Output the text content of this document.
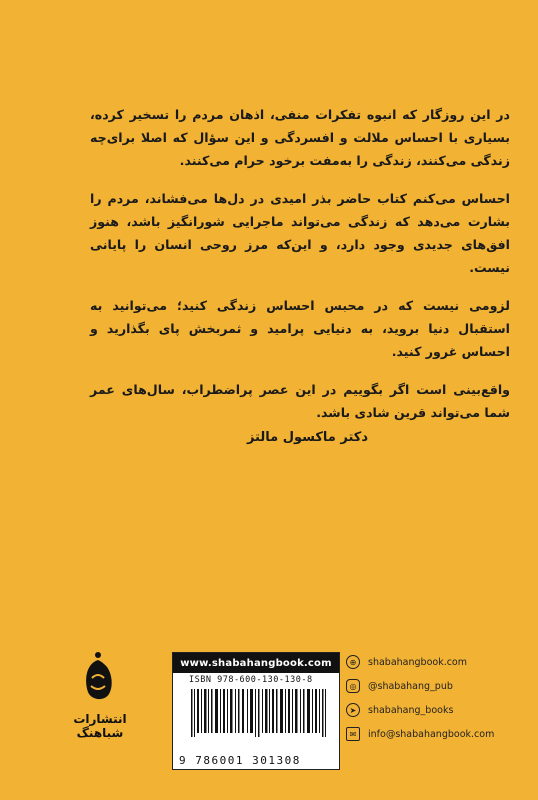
در این روزگار که انبوه تفکرات منفی، اذهان مردم را تسخیر کرده، بسیاری با احساس ملالت و افسردگی و این سؤال که اصلا برای‌چه زندگی می‌کنند، زندگی را به‌مفت برخود حرام می‌کنند.

احساس می‌کنم کتاب حاضر بذر امیدی در دل‌ها می‌فشاند، مردم را بشارت می‌دهد که زندگی می‌تواند ماجرایی شورانگیز باشد، هنوز افق‌های جدیدی وجود دارد، و این‌که مرز روحی انسان را پایانی نیست.

لزومی نیست که در محبس احساس زندگی کنید؛ می‌توانید به استقبال دنیا بروید، به دنیایی پرامید و ثمربخش پای بگذارید و احساس غرور کنید.

واقع‌بینی است اگر بگوییم در این عصر پراضطراب، سال‌های عمر شما می‌تواند قرین شادی باشد.

دکتر ماکسول مالتز
انتشارات شباهنگ
www.shabahangbook.com
ISBN 978-600-130-130-8
9 786001 301308
⊕	shabahangbook.com
◎	@shabahang_pub
➤	shabahang_books
✉	info@shabahangbook.com
